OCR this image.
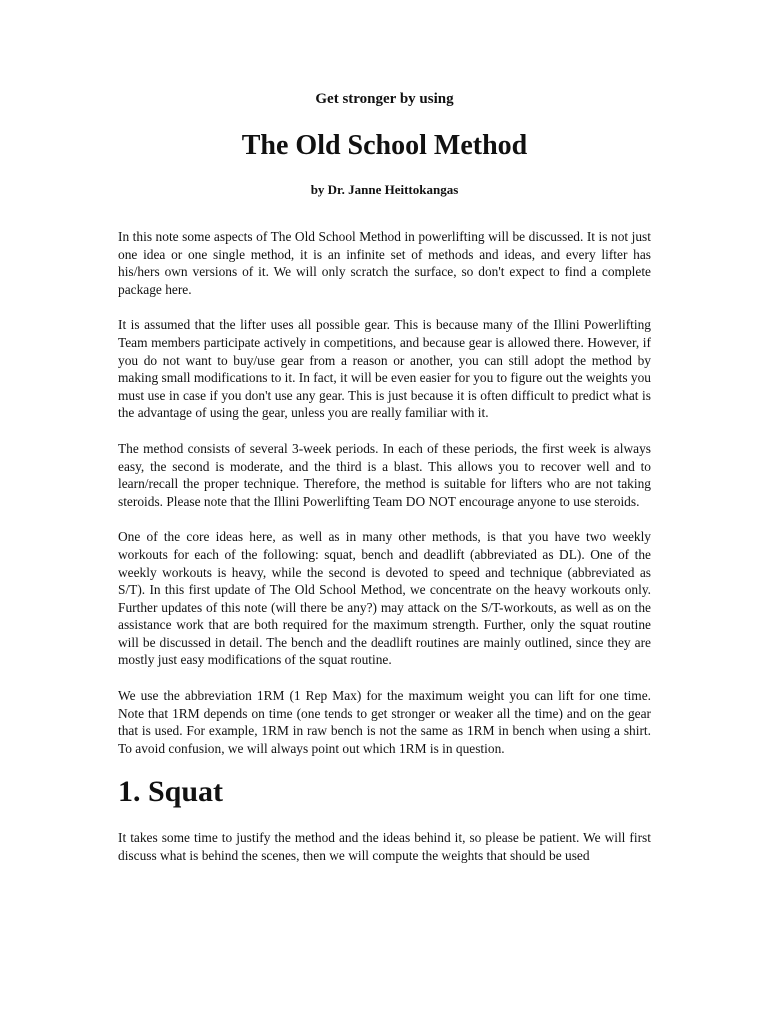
Get stronger by using

The Old School Method

by Dr. Janne Heittokangas

In this note some aspects of The Old School Method in powerlifting will be discussed. It is not just one idea or one single method, it is an infinite set of methods and ideas, and every lifter has his/hers own versions of it. We will only scratch the surface, so don't expect to find a complete package here.

It is assumed that the lifter uses all possible gear. This is because many of the Illini Powerlifting Team members participate actively in competitions, and because gear is allowed there. However, if you do not want to buy/use gear from a reason or another, you can still adopt the method by making small modifications to it. In fact, it will be even easier for you to figure out the weights you must use in case if you don't use any gear. This is just because it is often difficult to predict what is the advantage of using the gear, unless you are really familiar with it.

The method consists of several 3-week periods. In each of these periods, the first week is always easy, the second is moderate, and the third is a blast. This allows you to recover well and to learn/recall the proper technique. Therefore, the method is suitable for lifters who are not taking steroids. Please note that the Illini Powerlifting Team DO NOT encourage anyone to use steroids.

One of the core ideas here, as well as in many other methods, is that you have two weekly workouts for each of the following: squat, bench and deadlift (abbreviated as DL). One of the weekly workouts is heavy, while the second is devoted to speed and technique (abbreviated as S/T). In this first update of The Old School Method, we concentrate on the heavy workouts only. Further updates of this note (will there be any?) may attack on the S/T-workouts, as well as on the assistance work that are both required for the maximum strength. Further, only the squat routine will be discussed in detail. The bench and the deadlift routines are mainly outlined, since they are mostly just easy modifications of the squat routine.

We use the abbreviation 1RM (1 Rep Max) for the maximum weight you can lift for one time. Note that 1RM depends on time (one tends to get stronger or weaker all the time) and on the gear that is used. For example, 1RM in raw bench is not the same as 1RM in bench when using a shirt. To avoid confusion, we will always point out which 1RM is in question.

1. Squat

It takes some time to justify the method and the ideas behind it, so please be patient. We will first discuss what is behind the scenes, then we will compute the weights that should be used
